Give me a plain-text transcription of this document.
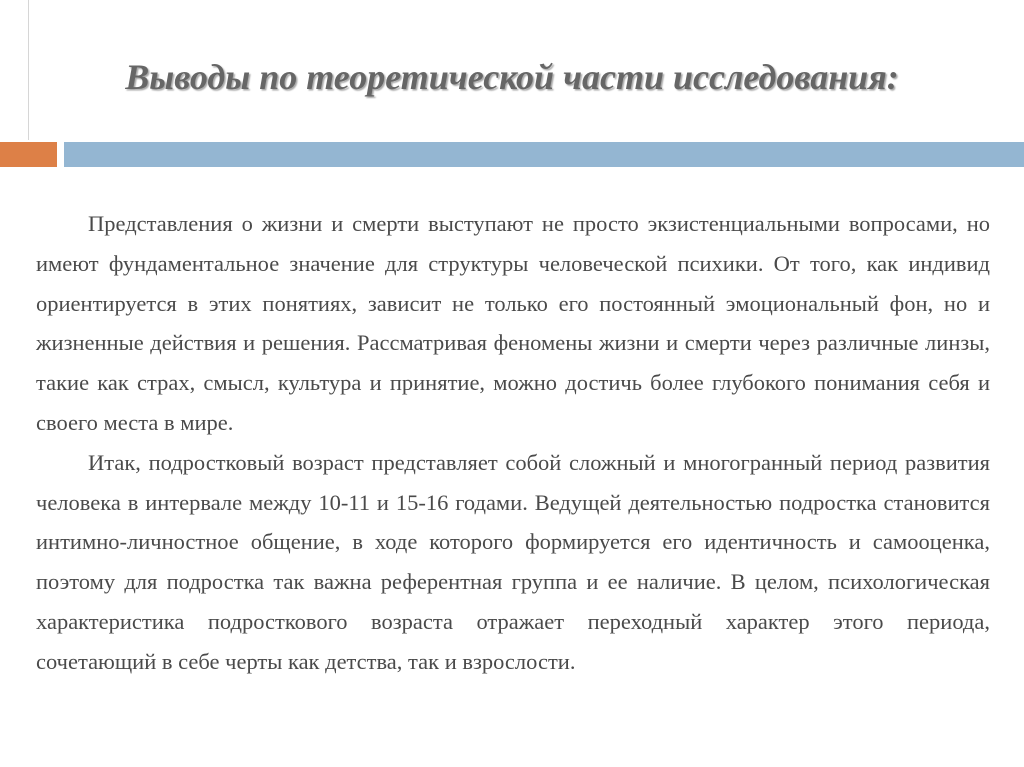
Выводы по теоретической части исследования:

Представления о жизни и смерти выступают не просто экзистенциальными вопросами, но имеют фундаментальное значение для структуры человеческой психики. От того, как индивид ориентируется в этих понятиях, зависит не только его постоянный эмоциональный фон, но и жизненные действия и решения. Рассматривая феномены жизни и смерти через различные линзы, такие как страх, смысл, культура и принятие, можно достичь более глубокого понимания себя и своего места в мире.

Итак, подростковый возраст представляет собой сложный и многогранный период развития человека в интервале между 10-11 и 15-16 годами. Ведущей деятельностью подростка становится интимно-личностное общение, в ходе которого формируется его идентичность и самооценка, поэтому для подростка так важна референтная группа и ее наличие. В целом, психологическая характеристика подросткового возраста отражает переходный характер этого периода, сочетающий в себе черты как детства, так и взрослости.
